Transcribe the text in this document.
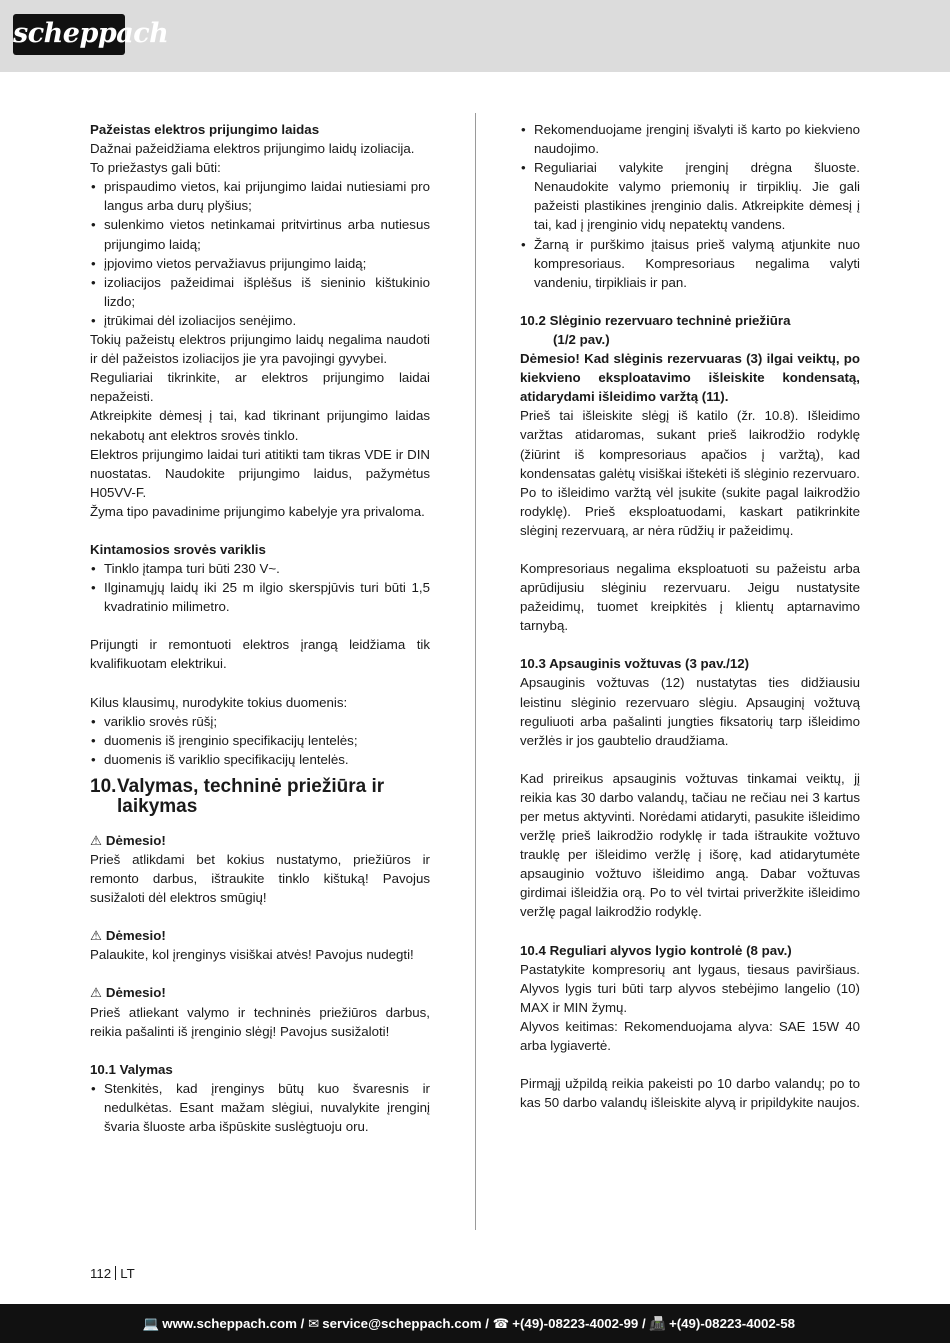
scheppach

Pažeistas elektros prijungimo laidas

Dažnai pažeidžiama elektros prijungimo laidų izoliacija.

To priežastys gali būti:

• prispaudimo vietos, kai prijungimo laidai nutiesiami pro langus arba durų plyšius;
• sulenkimo vietos netinkamai pritvirtinus arba nutiesus prijungimo laidą;
• įpjovimo vietos pervažiavus prijungimo laidą;
• izoliacijos pažeidimai išplėšus iš sieninio kištukinio lizdo;
• įtrūkimai dėl izoliacijos senėjimo.

Tokių pažeistų elektros prijungimo laidų negalima naudoti ir dėl pažeistos izoliacijos jie yra pavojingi gyvybei.

Reguliariai tikrinkite, ar elektros prijungimo laidai nepažeisti.

Atkreipkite dėmesį į tai, kad tikrinant prijungimo laidas nekabotų ant elektros srovės tinklo.

Elektros prijungimo laidai turi atitikti tam tikras VDE ir DIN nuostatas. Naudokite prijungimo laidus, pažymėtus H05VV-F.

Žyma tipo pavadinime prijungimo kabelyje yra privaloma.

Kintamosios srovės variklis

• Tinklo įtampa turi būti 230 V~.
• Ilginamųjų laidų iki 25 m ilgio skerspjūvis turi būti 1,5 kvadratinio milimetro.

Prijungti ir remontuoti elektros įrangą leidžiama tik kvalifikuotam elektrikui.

Kilus klausimų, nurodykite tokius duomenis:

• variklio srovės rūšį;
• duomenis iš įrenginio specifikacijų lentelės;
• duomenis iš variklio specifikacijų lentelės.
10. Valymas, techninė priežiūra ir laikymas

⚠ Dėmesio!

Prieš atlikdami bet kokius nustatymo, priežiūros ir remonto darbus, ištraukite tinklo kištuką! Pavojus susižaloti dėl elektros smūgių!

⚠ Dėmesio!

Palaukite, kol įrenginys visiškai atvės! Pavojus nudegti!

⚠ Dėmesio!

Prieš atliekant valymo ir techninės priežiūros darbus, reikia pašalinti iš įrenginio slėgį! Pavojus susižaloti!

10.1 Valymas

• Stenkitės, kad įrenginys būtų kuo švaresnis ir nedulkėtas. Esant mažam slėgiui, nuvalykite įrenginį švaria šluoste arba išpūskite suslėgtuoju oru.
• Rekomenduojame įrenginį išvalyti iš karto po kiekvieno naudojimo.
• Reguliariai valykite įrenginį drėgna šluoste. Nenaudokite valymo priemonių ir tirpiklių. Jie gali pažeisti plastikines įrenginio dalis. Atkreipkite dėmesį į tai, kad į įrenginio vidų nepatektų vandens.
• Žarną ir purškimo įtaisus prieš valymą atjunkite nuo kompresoriaus. Kompresoriaus negalima valyti vandeniu, tirpikliais ir pan.

10.2 Slėginio rezervuaro techninė priežiūra

(1/2 pav.)

Dėmesio! Kad slėginis rezervuaras (3) ilgai veiktų, po kiekvieno eksploatavimo išleiskite kondensatą, atidarydami išleidimo varžtą (11).

Prieš tai išleiskite slėgį iš katilo (žr. 10.8). Išleidimo varžtas atidaromas, sukant prieš laikrodžio rodyklę (žiūrint iš kompresoriaus apačios į varžtą), kad kondensatas galėtų visiškai ištekėti iš slėginio rezervuaro. Po to išleidimo varžtą vėl įsukite (sukite pagal laikrodžio rodyklę). Prieš eksploatuodami, kaskart patikrinkite slėginį rezervuarą, ar nėra rūdžių ir pažeidimų.

Kompresoriaus negalima eksploatuoti su pažeistu arba aprūdijusiu slėginiu rezervuaru. Jeigu nustatysite pažeidimų, tuomet kreipkitės į klientų aptarnavimo tarnybą.

10.3 Apsauginis vožtuvas (3 pav./12)

Apsauginis vožtuvas (12) nustatytas ties didžiausiu leistinu slėginio rezervuaro slėgiu. Apsauginį vožtuvą reguliuoti arba pašalinti jungties fiksatorių tarp išleidimo veržlės ir jos gaubtelio draudžiama.

Kad prireikus apsauginis vožtuvas tinkamai veiktų, jį reikia kas 30 darbo valandų, tačiau ne rečiau nei 3 kartus per metus aktyvinti. Norėdami atidaryti, pasukite išleidimo veržlę prieš laikrodžio rodyklę ir tada ištraukite vožtuvo trauklę per išleidimo veržlę į išorę, kad atidarytumėte apsauginio vožtuvo išleidimo angą. Dabar vožtuvas girdimai išleidžia orą. Po to vėl tvirtai priveržkite išleidimo veržlę pagal laikrodžio rodyklę.

10.4 Reguliari alyvos lygio kontrolė (8 pav.)

Pastatykite kompresorių ant lygaus, tiesaus paviršiaus. Alyvos lygis turi būti tarp alyvos stebėjimo langelio (10) MAX ir MIN žymų.

Alyvos keitimas: Rekomenduojama alyva: SAE 15W 40 arba lygiavertė.

Pirmąjį užpildą reikia pakeisti po 10 darbo valandų; po to kas 50 darbo valandų išleiskite alyvą ir pripildykite naujos.

112 LT
💻 www.scheppach.com / ✉ service@scheppach.com / ☎ +(49)-08223-4002-99 / 📠 +(49)-08223-4002-58
